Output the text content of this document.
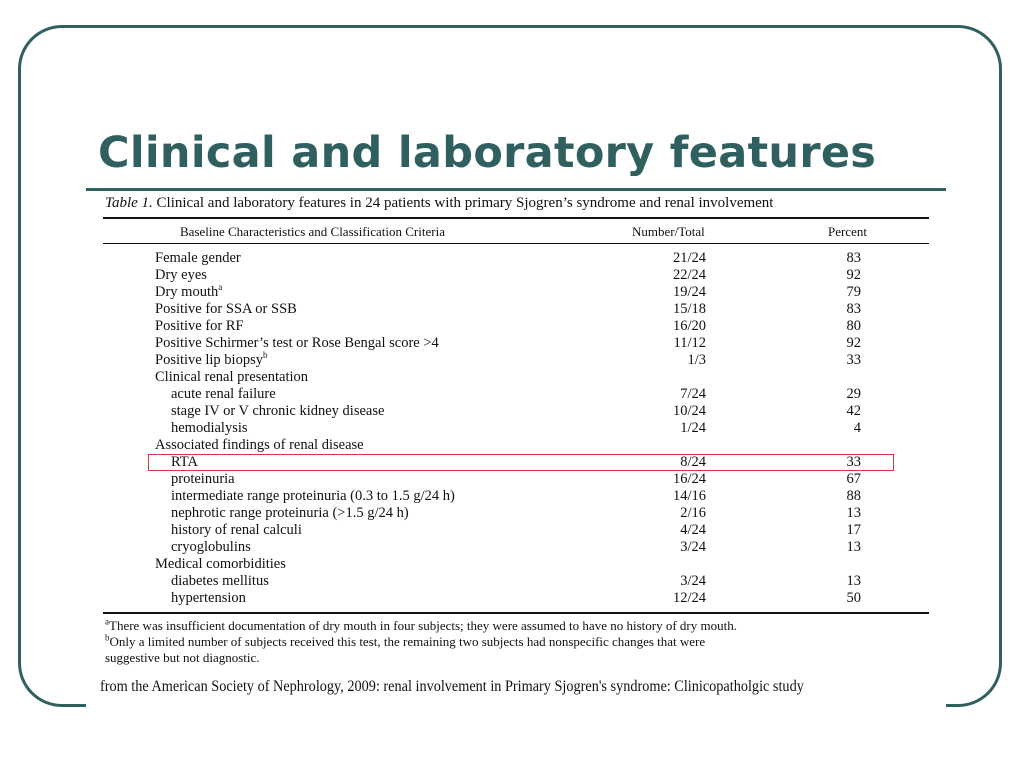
Clinical and laboratory features
Table 1. Clinical and laboratory features in 24 patients with primary Sjogren’s syndrome and renal involvement
Baseline Characteristics and Classification Criteria	Number/Total	Percent
Female gender	21/24	83
Dry eyes	22/24	92
Dry mouth$^a$	19/24	79
Positive for SSA or SSB	15/18	83
Positive for RF	16/20	80
Positive Schirmer’s test or Rose Bengal score >4	11/12	92
Positive lip biopsy$^b$	1/3	33
Clinical renal presentation
acute renal failure	7/24	29
stage IV or V chronic kidney disease	10/24	42
hemodialysis	1/24	4
Associated findings of renal disease
RTA	8/24	33
proteinuria	16/24	67
intermediate range proteinuria (0.3 to 1.5 g/24 h)	14/16	88
nephrotic range proteinuria (>1.5 g/24 h)	2/16	13
history of renal calculi	4/24	17
cryoglobulins	3/24	13
Medical comorbidities
diabetes mellitus	3/24	13
hypertension	12/24	50
$^a$There was insufficient documentation of dry mouth in four subjects; they were assumed to have no history of dry mouth.
$^b$Only a limited number of subjects received this test, the remaining two subjects had nonspecific changes that were
suggestive but not diagnostic.
from the American Society of Nephrology, 2009: renal involvement in Primary Sjogren's syndrome: Clinicopatholgic study
